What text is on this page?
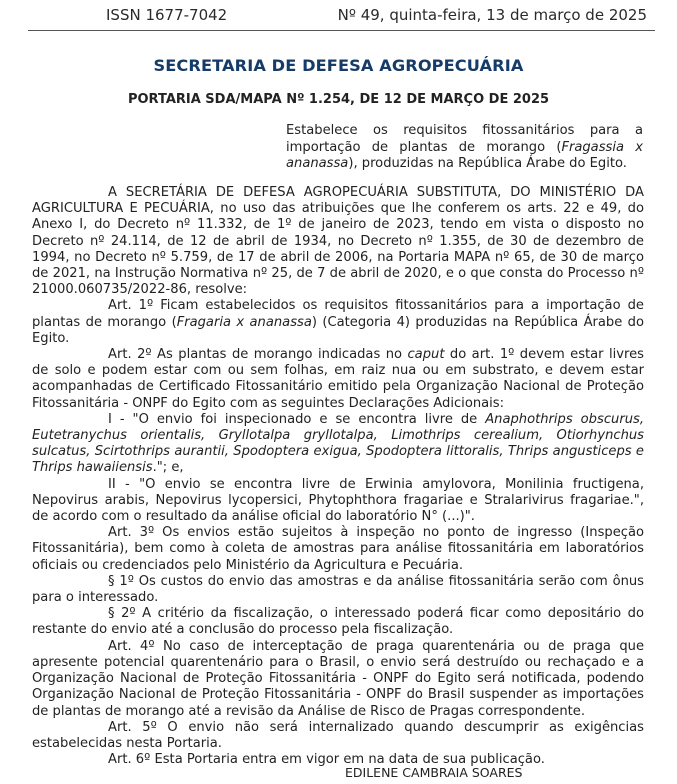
ISSN 1677-7042	Nº 49, quinta-feira, 13 de março de 2025
SECRETARIA DE DEFESA AGROPECUÁRIA
PORTARIA SDA/MAPA Nº 1.254, DE 12 DE MARÇO DE 2025
Estabelece os requisitos fitossanitários para a importação de plantas de morango (Fragassia x ananassa), produzidas na República Árabe do Egito.

A SECRETÁRIA DE DEFESA AGROPECUÁRIA SUBSTITUTA, DO MINISTÉRIO DA AGRICULTURA E PECUÁRIA, no uso das atribuições que lhe conferem os arts. 22 e 49, do Anexo I, do Decreto nº 11.332, de 1º de janeiro de 2023, tendo em vista o disposto no Decreto nº 24.114, de 12 de abril de 1934, no Decreto nº 1.355, de 30 de dezembro de 1994, no Decreto nº 5.759, de 17 de abril de 2006, na Portaria MAPA nº 65, de 30 de março de 2021, na Instrução Normativa nº 25, de 7 de abril de 2020, e o que consta do Processo nº 21000.060735/2022-86, resolve:

Art. 1º Ficam estabelecidos os requisitos fitossanitários para a importação de plantas de morango (Fragaria x ananassa) (Categoria 4) produzidas na República Árabe do Egito.

Art. 2º As plantas de morango indicadas no caput do art. 1º devem estar livres de solo e podem estar com ou sem folhas, em raiz nua ou em substrato, e devem estar acompanhadas de Certificado Fitossanitário emitido pela Organização Nacional de Proteção Fitossanitária - ONPF do Egito com as seguintes Declarações Adicionais:

I - "O envio foi inspecionado e se encontra livre de Anaphothrips obscurus, Eutetranychus orientalis, Gryllotalpa gryllotalpa, Limothrips cerealium, Otiorhynchus sulcatus, Scirtothrips aurantii, Spodoptera exigua, Spodoptera littoralis, Thrips angusticeps e Thrips hawaiiensis."; e,

II - "O envio se encontra livre de Erwinia amylovora, Monilinia fructigena, Nepovirus arabis, Nepovirus lycopersici, Phytophthora fragariae e Stralarivirus fragariae.", de acordo com o resultado da análise oficial do laboratório N° (...)".

Art. 3º Os envios estão sujeitos à inspeção no ponto de ingresso (Inspeção Fitossanitária), bem como à coleta de amostras para análise fitossanitária em laboratórios oficiais ou credenciados pelo Ministério da Agricultura e Pecuária.

§ 1º Os custos do envio das amostras e da análise fitossanitária serão com ônus para o interessado.

§ 2º A critério da fiscalização, o interessado poderá ficar como depositário do restante do envio até a conclusão do processo pela fiscalização.

Art. 4º No caso de interceptação de praga quarentenária ou de praga que apresente potencial quarentenário para o Brasil, o envio será destruído ou rechaçado e a Organização Nacional de Proteção Fitossanitária - ONPF do Egito será notificada, podendo Organização Nacional de Proteção Fitossanitária - ONPF do Brasil suspender as importações de plantas de morango até a revisão da Análise de Risco de Pragas correspondente.

Art. 5º O envio não será internalizado quando descumprir as exigências estabelecidas nesta Portaria.

Art. 6º Esta Portaria entra em vigor em na data de sua publicação.

EDILENE CAMBRAIA SOARES
